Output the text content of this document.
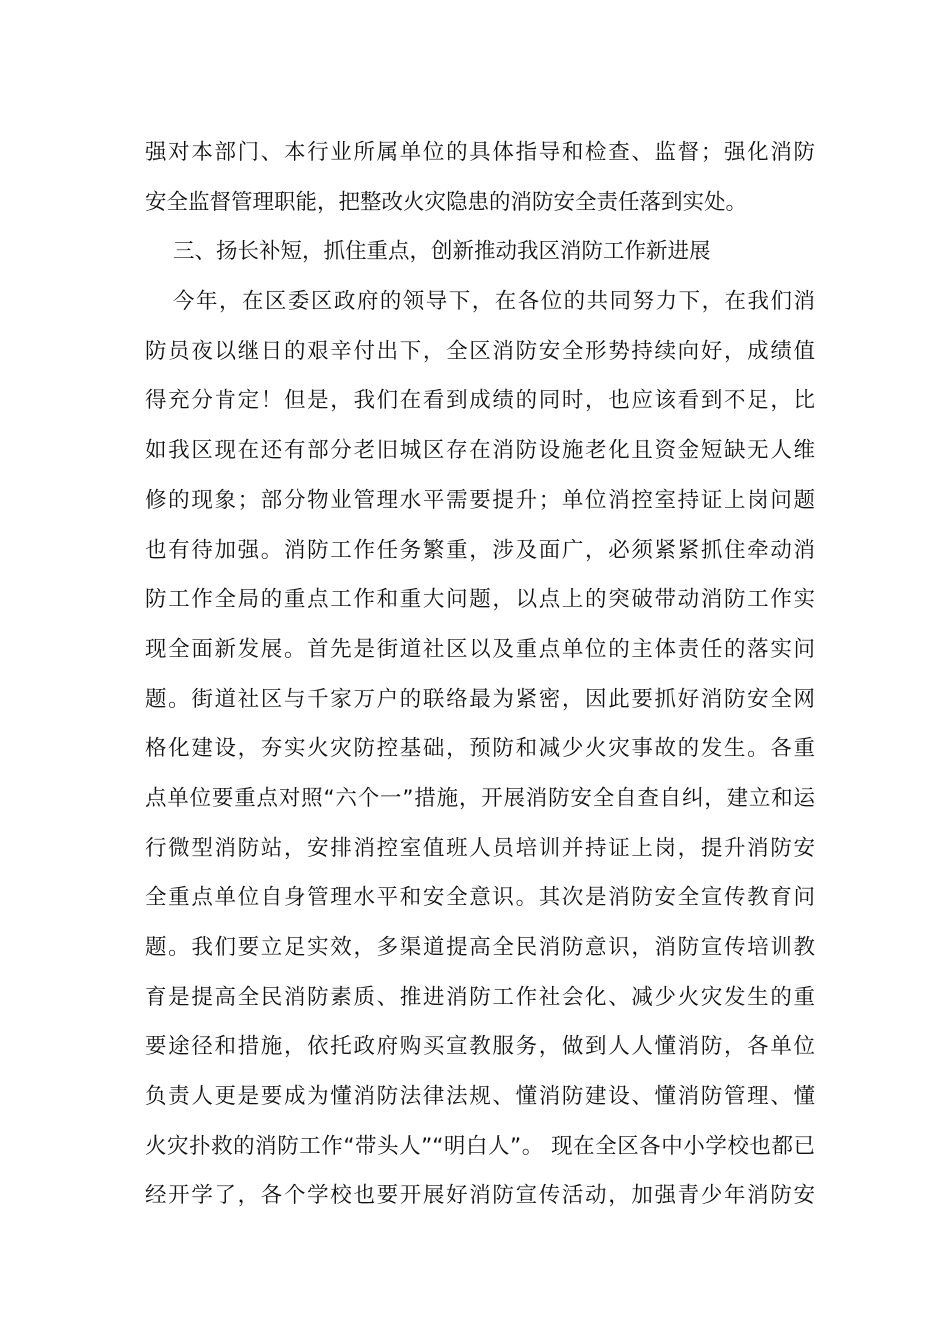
强对本部门、本行业所属单位的具体指导和检查、监督；强化消防
安全监督管理职能，把整改火灾隐患的消防安全责任落到实处。
三、扬长补短，抓住重点，创新推动我区消防工作新进展
今年，在区委区政府的领导下，在各位的共同努力下，在我们消
防员夜以继日的艰辛付出下，全区消防安全形势持续向好，成绩值
得充分肯定！但是，我们在看到成绩的同时，也应该看到不足，比
如我区现在还有部分老旧城区存在消防设施老化且资金短缺无人维
修的现象；部分物业管理水平需要提升；单位消控室持证上岗问题
也有待加强。消防工作任务繁重，涉及面广，必须紧紧抓住牵动消
防工作全局的重点工作和重大问题，以点上的突破带动消防工作实
现全面新发展。首先是街道社区以及重点单位的主体责任的落实问
题。街道社区与千家万户的联络最为紧密，因此要抓好消防安全网
格化建设，夯实火灾防控基础，预防和减少火灾事故的发生。各重
点单位要重点对照“六个一”措施，开展消防安全自查自纠，建立和运
行微型消防站，安排消控室值班人员培训并持证上岗，提升消防安
全重点单位自身管理水平和安全意识。其次是消防安全宣传教育问
题。我们要立足实效，多渠道提高全民消防意识，消防宣传培训教
育是提高全民消防素质、推进消防工作社会化、减少火灾发生的重
要途径和措施，依托政府购买宣教服务，做到人人懂消防，各单位
负责人更是要成为懂消防法律法规、懂消防建设、懂消防管理、懂
火灾扑救的消防工作“带头人”“明白人”。 现在全区各中小学校也都已
经开学了，各个学校也要开展好消防宣传活动，加强青少年消防安
